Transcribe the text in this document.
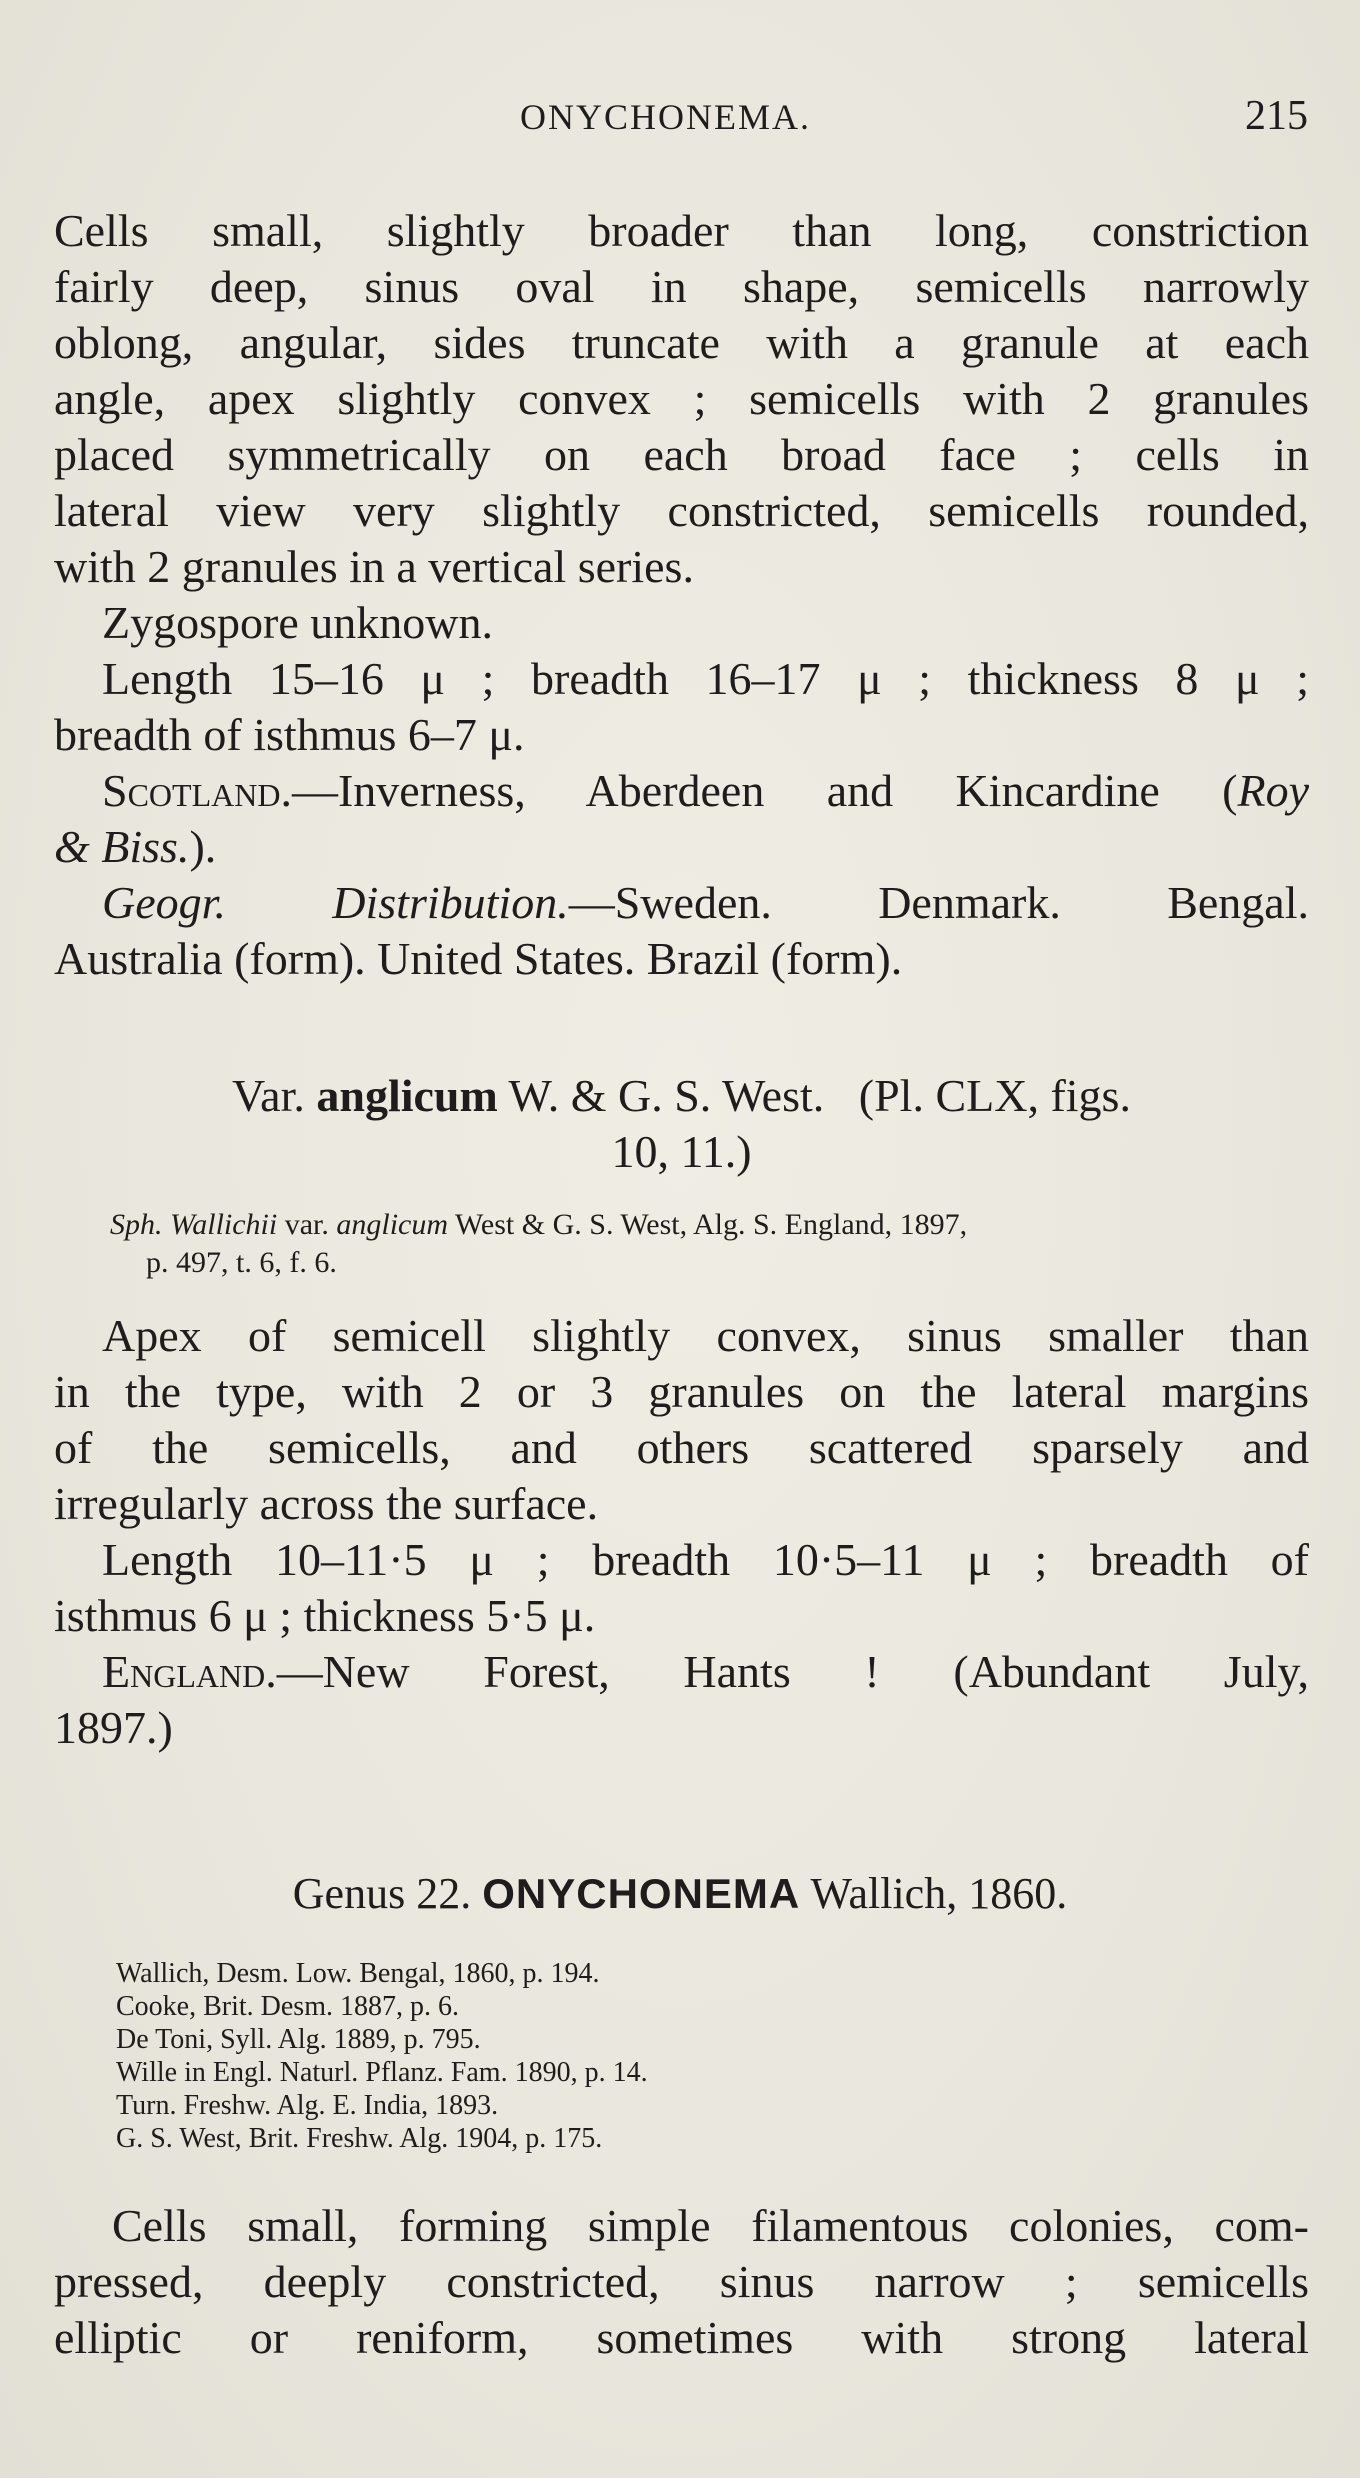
ONYCHONEMA.	215
Cells small, slightly broader than long, constriction
fairly deep, sinus oval in shape, semicells narrowly
oblong, angular, sides truncate with a granule at each
angle, apex slightly convex ; semicells with 2 granules
placed symmetrically on each broad face ; cells in
lateral view very slightly constricted, semicells rounded,
with 2 granules in a vertical series.
Zygospore unknown.
Length 15–16 μ ; breadth 16–17 μ ; thickness 8 μ ;
breadth of isthmus 6–7 μ.
Scotland.—Inverness, Aberdeen and Kincardine (Roy
& Biss.).
Geogr. Distribution.—Sweden. Denmark. Bengal.
Australia (form). United States. Brazil (form).
Var. anglicum W. & G. S. West. (Pl. CLX, figs.
10, 11.)
Sph. Wallichii var. anglicum West & G. S. West, Alg. S. England, 1897,
p. 497, t. 6, f. 6.
Apex of semicell slightly convex, sinus smaller than
in the type, with 2 or 3 granules on the lateral margins
of the semicells, and others scattered sparsely and
irregularly across the surface.
Length 10–11·5 μ ; breadth 10·5–11 μ ; breadth of
isthmus 6 μ ; thickness 5·5 μ.
England.—New Forest, Hants ! (Abundant July,
1897.)
Genus 22. ONYCHONEMA Wallich, 1860.
Wallich, Desm. Low. Bengal, 1860, p. 194.
Cooke, Brit. Desm. 1887, p. 6.
De Toni, Syll. Alg. 1889, p. 795.
Wille in Engl. Naturl. Pflanz. Fam. 1890, p. 14.
Turn. Freshw. Alg. E. India, 1893.
G. S. West, Brit. Freshw. Alg. 1904, p. 175.
Cells small, forming simple filamentous colonies, com-
pressed, deeply constricted, sinus narrow ; semicells
elliptic or reniform, sometimes with strong lateral
